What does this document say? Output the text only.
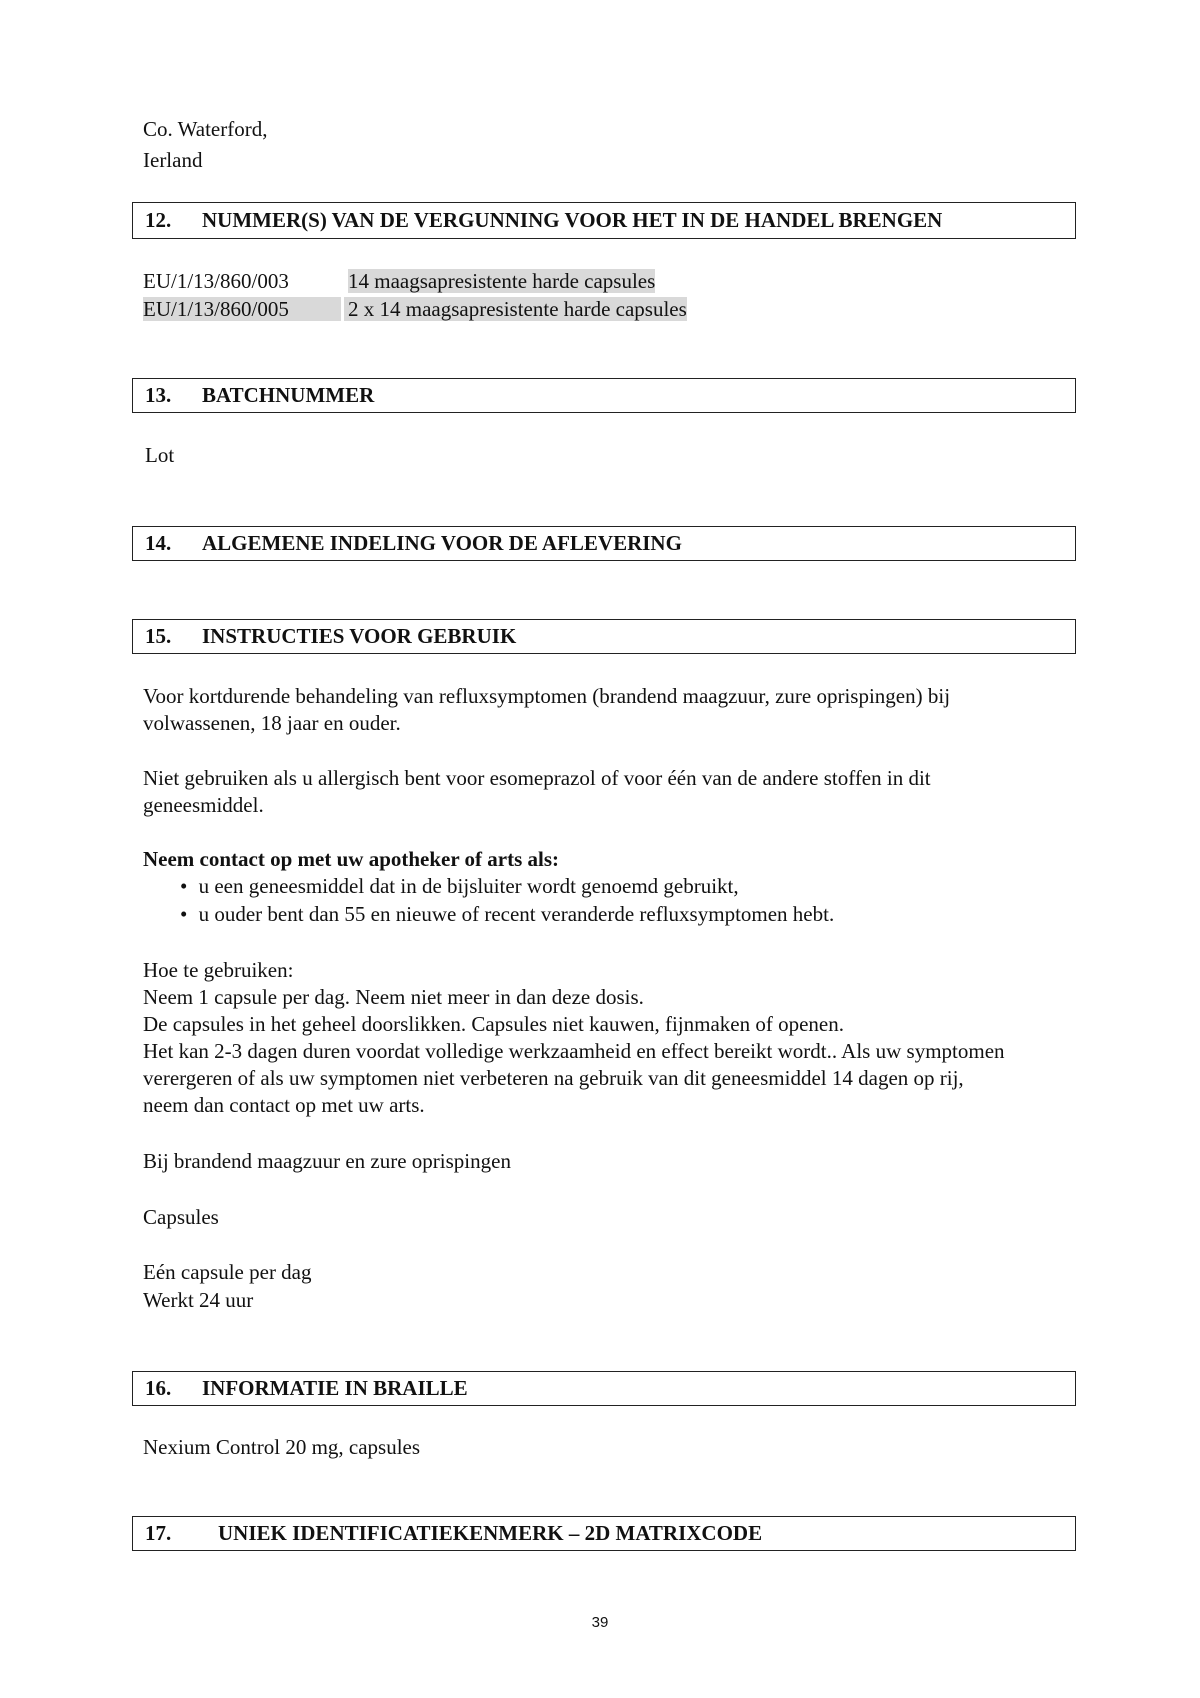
Co. Waterford,
Ierland
12.	NUMMER(S) VAN DE VERGUNNING VOOR HET IN DE HANDEL BRENGEN
EU/1/13/860/003	14 maagsapresistente harde capsules
EU/1/13/860/005	2 x 14 maagsapresistente harde capsules
13.	BATCHNUMMER
Lot
14.	ALGEMENE INDELING VOOR DE AFLEVERING
15.	INSTRUCTIES VOOR GEBRUIK
Voor kortdurende behandeling van refluxsymptomen (brandend maagzuur, zure oprispingen) bij
volwassenen, 18 jaar en ouder.
Niet gebruiken als u allergisch bent voor esomeprazol of voor één van de andere stoffen in dit
geneesmiddel.
Neem contact op met uw apotheker of arts als:
• u een geneesmiddel dat in de bijsluiter wordt genoemd gebruikt,
• u ouder bent dan 55 en nieuwe of recent veranderde refluxsymptomen hebt.
Hoe te gebruiken:
Neem 1 capsule per dag. Neem niet meer in dan deze dosis.
De capsules in het geheel doorslikken. Capsules niet kauwen, fijnmaken of openen.
Het kan 2-3 dagen duren voordat volledige werkzaamheid en effect bereikt wordt.. Als uw symptomen
verergeren of als uw symptomen niet verbeteren na gebruik van dit geneesmiddel 14 dagen op rij,
neem dan contact op met uw arts.
Bij brandend maagzuur en zure oprispingen
Capsules
Eén capsule per dag
Werkt 24 uur
16.	INFORMATIE IN BRAILLE
Nexium Control 20 mg, capsules
17.	UNIEK IDENTIFICATIEKENMERK – 2D MATRIXCODE
39
